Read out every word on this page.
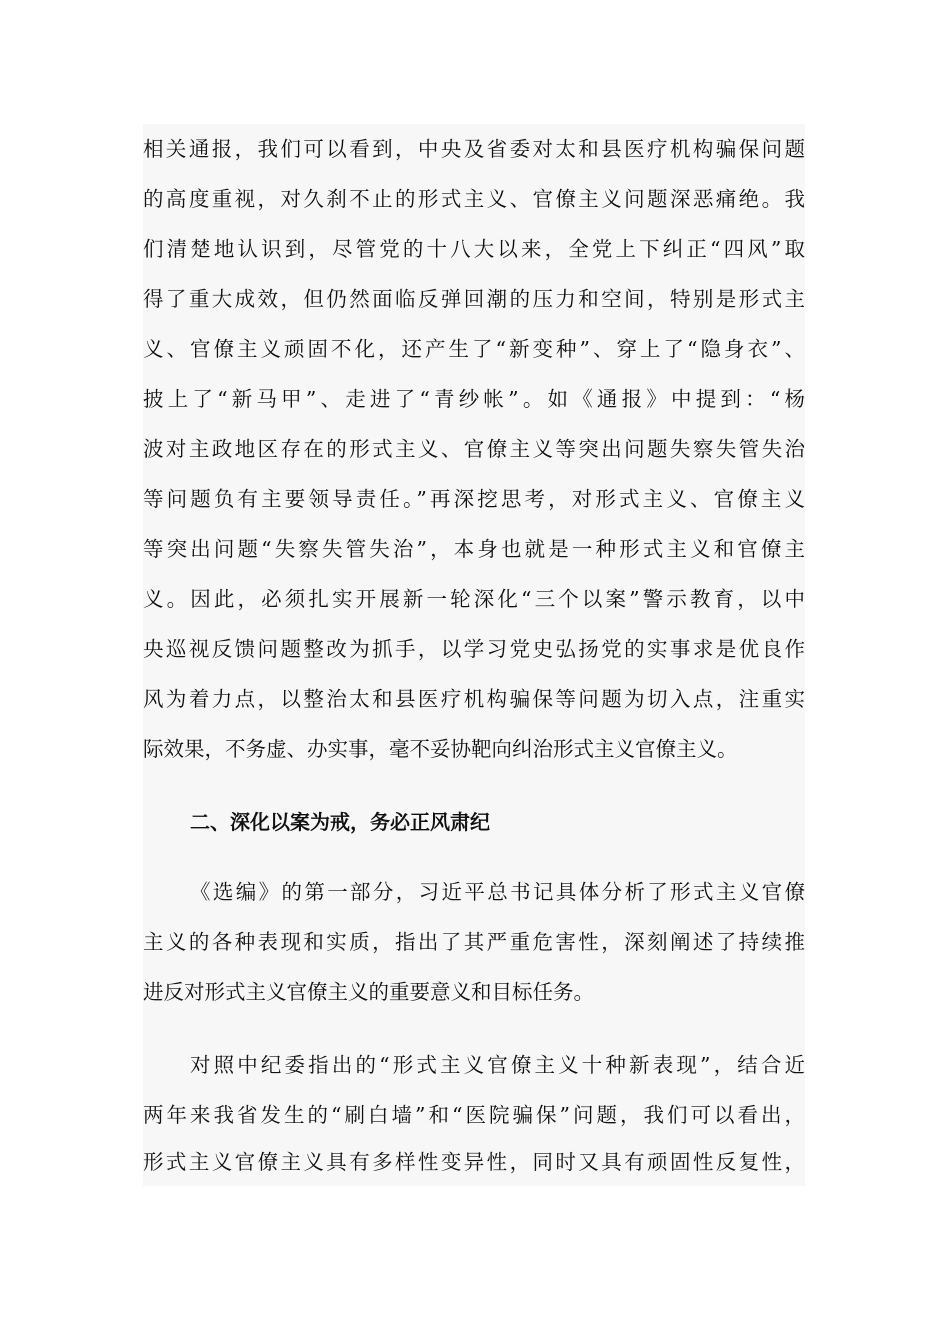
相关通报，我们可以看到，中央及省委对太和县医疗机构骗保问题
的高度重视，对久刹不止的形式主义、官僚主义问题深恶痛绝。我
们清楚地认识到，尽管党的十八大以来，全党上下纠正“四风”取
得了重大成效，但仍然面临反弹回潮的压力和空间，特别是形式主
义、官僚主义顽固不化，还产生了“新变种”、穿上了“隐身衣”、
披上了“新马甲”、走进了“青纱帐”。如《通报》中提到：“杨
波对主政地区存在的形式主义、官僚主义等突出问题失察失管失治
等问题负有主要领导责任。”再深挖思考，对形式主义、官僚主义
等突出问题“失察失管失治”，本身也就是一种形式主义和官僚主
义。因此，必须扎实开展新一轮深化“三个以案”警示教育，以中
央巡视反馈问题整改为抓手，以学习党史弘扬党的实事求是优良作
风为着力点，以整治太和县医疗机构骗保等问题为切入点，注重实
际效果，不务虚、办实事，毫不妥协靶向纠治形式主义官僚主义。
二、深化以案为戒，务必正风肃纪
《选编》的第一部分，习近平总书记具体分析了形式主义官僚
主义的各种表现和实质，指出了其严重危害性，深刻阐述了持续推
进反对形式主义官僚主义的重要意义和目标任务。
对照中纪委指出的“形式主义官僚主义十种新表现”，结合近
两年来我省发生的“刷白墙”和“医院骗保”问题，我们可以看出，
形式主义官僚主义具有多样性变异性，同时又具有顽固性反复性，
